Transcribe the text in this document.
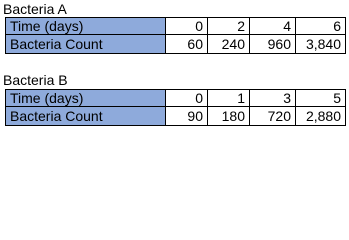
Bacteria A
Time (days)	0	2	4	6
Bacteria Count	60	240	960	3,840
Bacteria B
Time (days)	0	1	3	5
Bacteria Count	90	180	720	2,880
